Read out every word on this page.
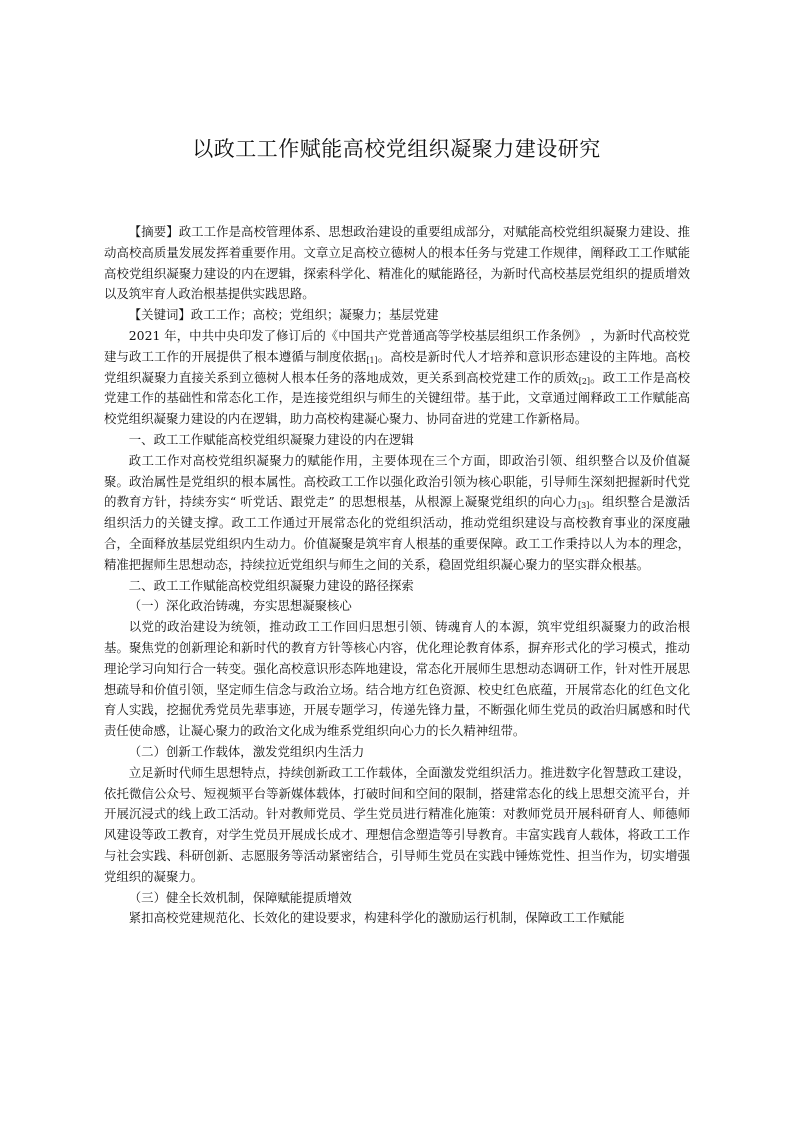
以政工工作赋能高校党组织凝聚力建设研究

【摘要】政工工作是高校管理体系、思想政治建设的重要组成部分，对赋能高校党组织凝聚力建设、推动高校高质量发展发挥着重要作用。文章立足高校立德树人的根本任务与党建工作规律，阐释政工工作赋能高校党组织凝聚力建设的内在逻辑，探索科学化、精准化的赋能路径，为新时代高校基层党组织的提质增效以及筑牢育人政治根基提供实践思路。

【关键词】政工工作；高校；党组织；凝聚力；基层党建

2021 年，中共中央印发了修订后的《中国共产党普通高等学校基层组织工作条例》 ，为新时代高校党建与政工工作的开展提供了根本遵循与制度依据[1]。高校是新时代人才培养和意识形态建设的主阵地。高校党组织凝聚力直接关系到立德树人根本任务的落地成效，更关系到高校党建工作的质效[2]。政工工作是高校党建工作的基础性和常态化工作，是连接党组织与师生的关键纽带。基于此，文章通过阐释政工工作赋能高校党组织凝聚力建设的内在逻辑，助力高校构建凝心聚力、协同奋进的党建工作新格局。

一、政工工作赋能高校党组织凝聚力建设的内在逻辑

政工工作对高校党组织凝聚力的赋能作用，主要体现在三个方面，即政治引领、组织整合以及价值凝聚。政治属性是党组织的根本属性。高校政工工作以强化政治引领为核心职能，引导师生深刻把握新时代党的教育方针，持续夯实“ 听党话、跟党走” 的思想根基，从根源上凝聚党组织的向心力[3]。组织整合是激活组织活力的关键支撑。政工工作通过开展常态化的党组织活动，推动党组织建设与高校教育事业的深度融合，全面释放基层党组织内生动力。价值凝聚是筑牢育人根基的重要保障。政工工作秉持以人为本的理念，精准把握师生思想动态，持续拉近党组织与师生之间的关系，稳固党组织凝心聚力的坚实群众根基。

二、政工工作赋能高校党组织凝聚力建设的路径探索

（一）深化政治铸魂，夯实思想凝聚核心

以党的政治建设为统领，推动政工工作回归思想引领、铸魂育人的本源，筑牢党组织凝聚力的政治根基。聚焦党的创新理论和新时代的教育方针等核心内容，优化理论教育体系，摒弃形式化的学习模式，推动理论学习向知行合一转变。强化高校意识形态阵地建设，常态化开展师生思想动态调研工作，针对性开展思想疏导和价值引领，坚定师生信念与政治立场。结合地方红色资源、校史红色底蕴，开展常态化的红色文化育人实践，挖掘优秀党员先辈事迹，开展专题学习，传递先锋力量，不断强化师生党员的政治归属感和时代责任使命感，让凝心聚力的政治文化成为维系党组织向心力的长久精神纽带。

（二）创新工作载体，激发党组织内生活力

立足新时代师生思想特点，持续创新政工工作载体，全面激发党组织活力。推进数字化智慧政工建设，依托微信公众号、短视频平台等新媒体载体，打破时间和空间的限制，搭建常态化的线上思想交流平台，并开展沉浸式的线上政工活动。针对教师党员、学生党员进行精准化施策：对教师党员开展科研育人、师德师风建设等政工教育，对学生党员开展成长成才、理想信念塑造等引导教育。丰富实践育人载体，将政工工作与社会实践、科研创新、志愿服务等活动紧密结合，引导师生党员在实践中锤炼党性、担当作为，切实增强党组织的凝聚力。

（三）健全长效机制，保障赋能提质增效

紧扣高校党建规范化、长效化的建设要求，构建科学化的激励运行机制，保障政工工作赋能
